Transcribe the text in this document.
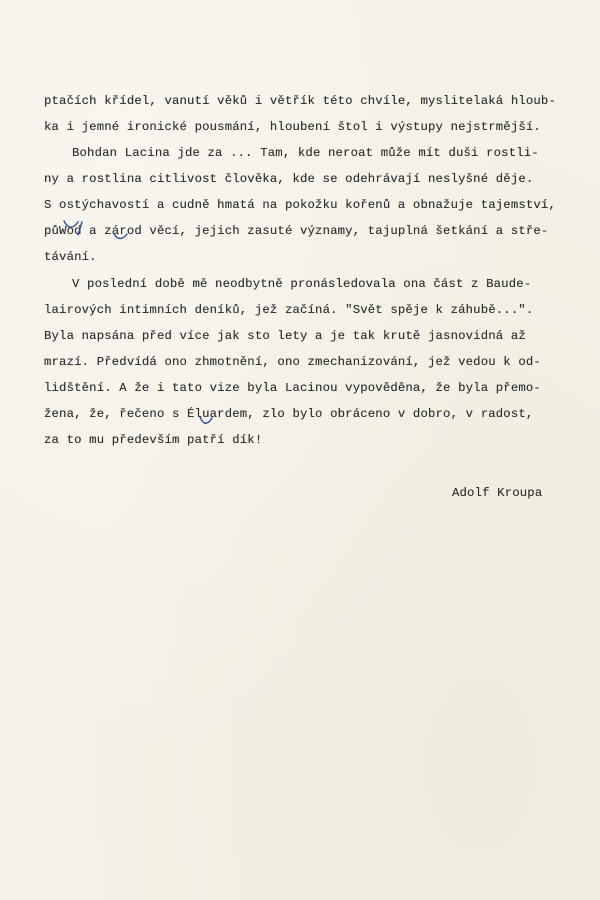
ptačích křídel, vanutí věků i větřík této chvíle, myslitelaká hloub-
ka i jemné ironické pousmání, hloubení štol i výstupy nejstrmější.
Bohdan Lacina jde za ... Tam, kde neroat může mít duši rostli-
ny a rostlina citlivost člověka, kde se odehrávají neslyšné děje.
S ostýchavostí a cudně hmatá na pokožku kořenů a obnažuje tajemství,
půWod a zárod věcí, jejich zasuté významy, tajuplná šetkání a stře-
távání.
V poslední době mě neodbytně pronásledovala ona část z Baude-
lairových intimních deníků, jež začíná. "Svět spěje k záhubě...".
Byla napsána před více jak sto lety a je tak krutě jasnovidná až
mrazí. Předvídá ono zhmotnění, ono zmechanizování, jež vedou k od-
lidštění. A že i tato vize byla Lacinou vypověděna, že byla přemo-
žena, že, řečeno s Éluardem, zlo bylo obráceno v dobro, v radost,
za to mu především patří dík!
Adolf Kroupa
